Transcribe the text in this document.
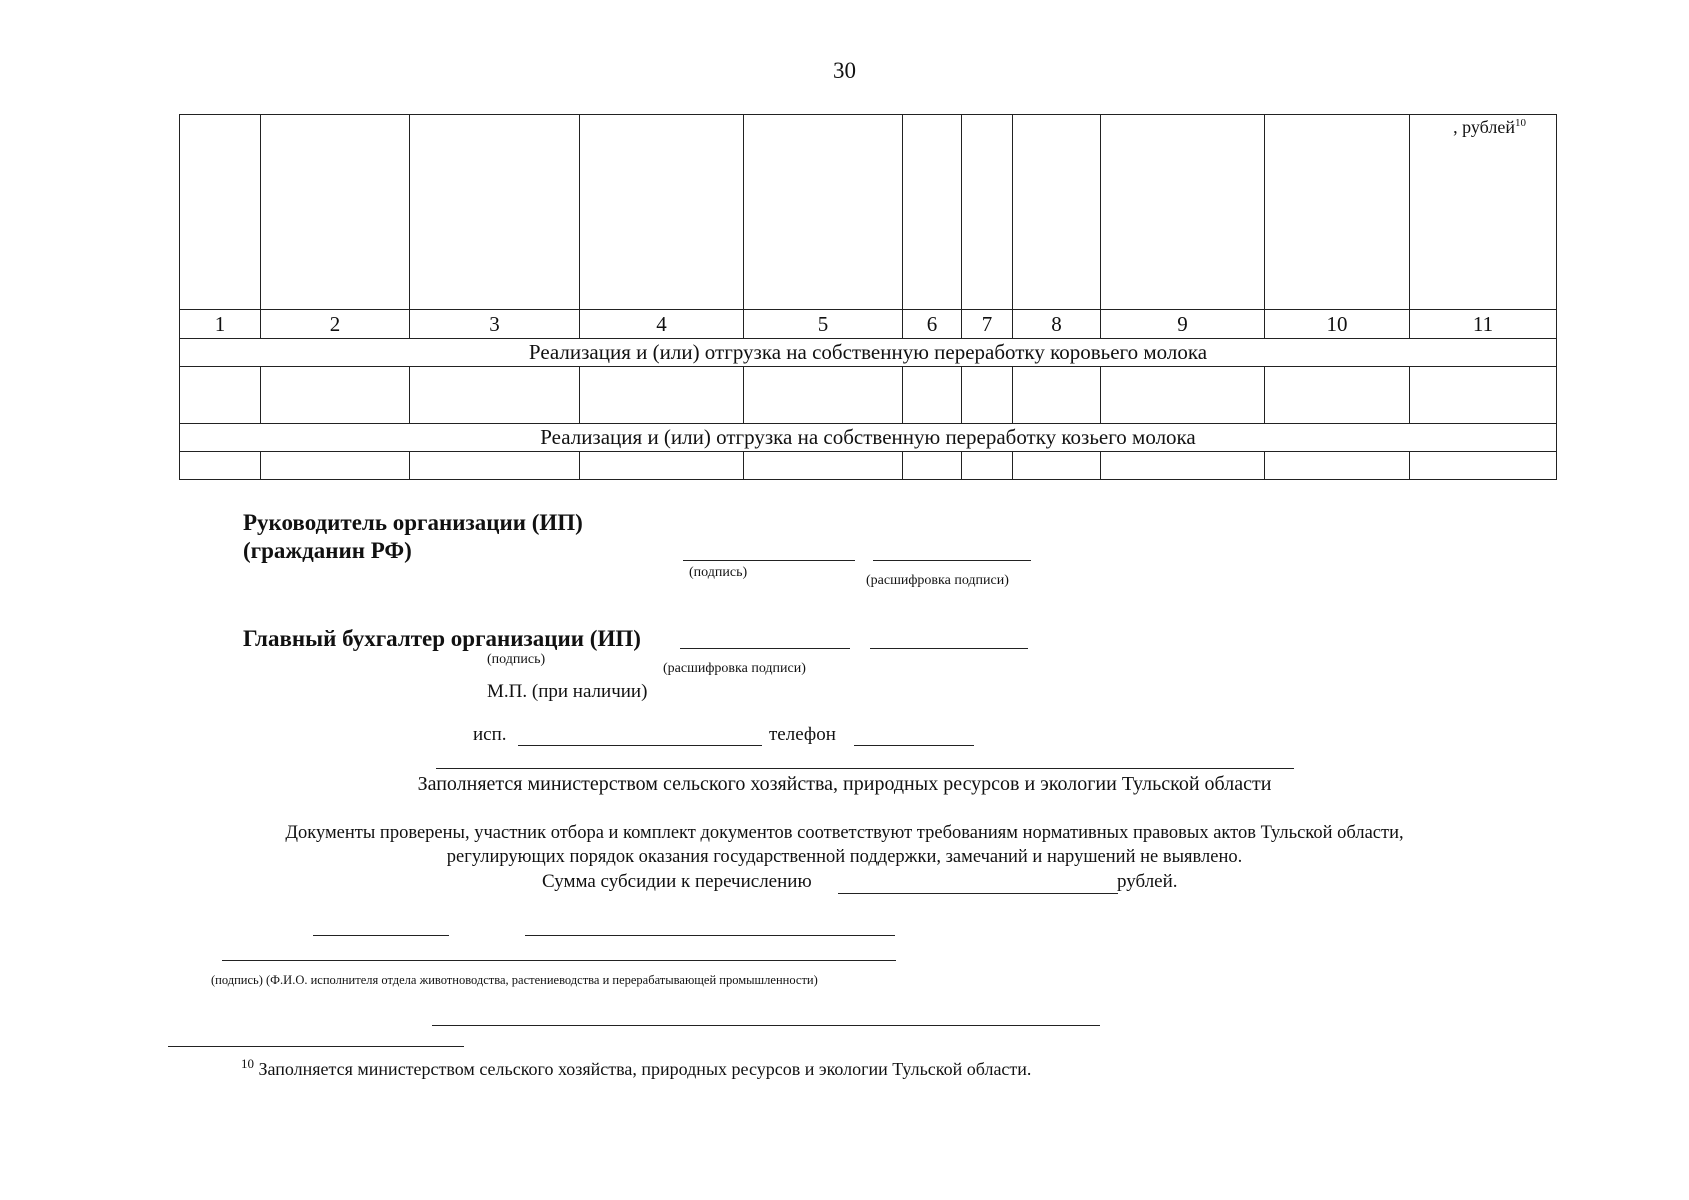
30
										, рублей$^{10}$
1	2	3	4	5	6	7	8	9	10	11
Реализация и (или) отгрузка на собственную переработку коровьего молока										

Реализация и (или) отгрузка на собственную переработку козьего молока										

Руководитель организации (ИП)
(гражданин РФ)
(подпись)
(расшифровка подписи)
Главный бухгалтер организации (ИП)
(подпись)
(расшифровка подписи)
М.П. (при наличии)
исп.	телефон
Заполняется министерством сельского хозяйства, природных ресурсов и экологии Тульской области
Документы проверены, участник отбора и комплект документов соответствуют требованиям нормативных правовых актов Тульской области,
регулирующих порядок оказания государственной поддержки, замечаний и нарушений не выявлено.
Сумма субсидии к перечислению	рублей.
(подпись) (Ф.И.О. исполнителя отдела животноводства, растениеводства и перерабатывающей промышленности)
$^{10}$ Заполняется министерством сельского хозяйства, природных ресурсов и экологии Тульской области.
